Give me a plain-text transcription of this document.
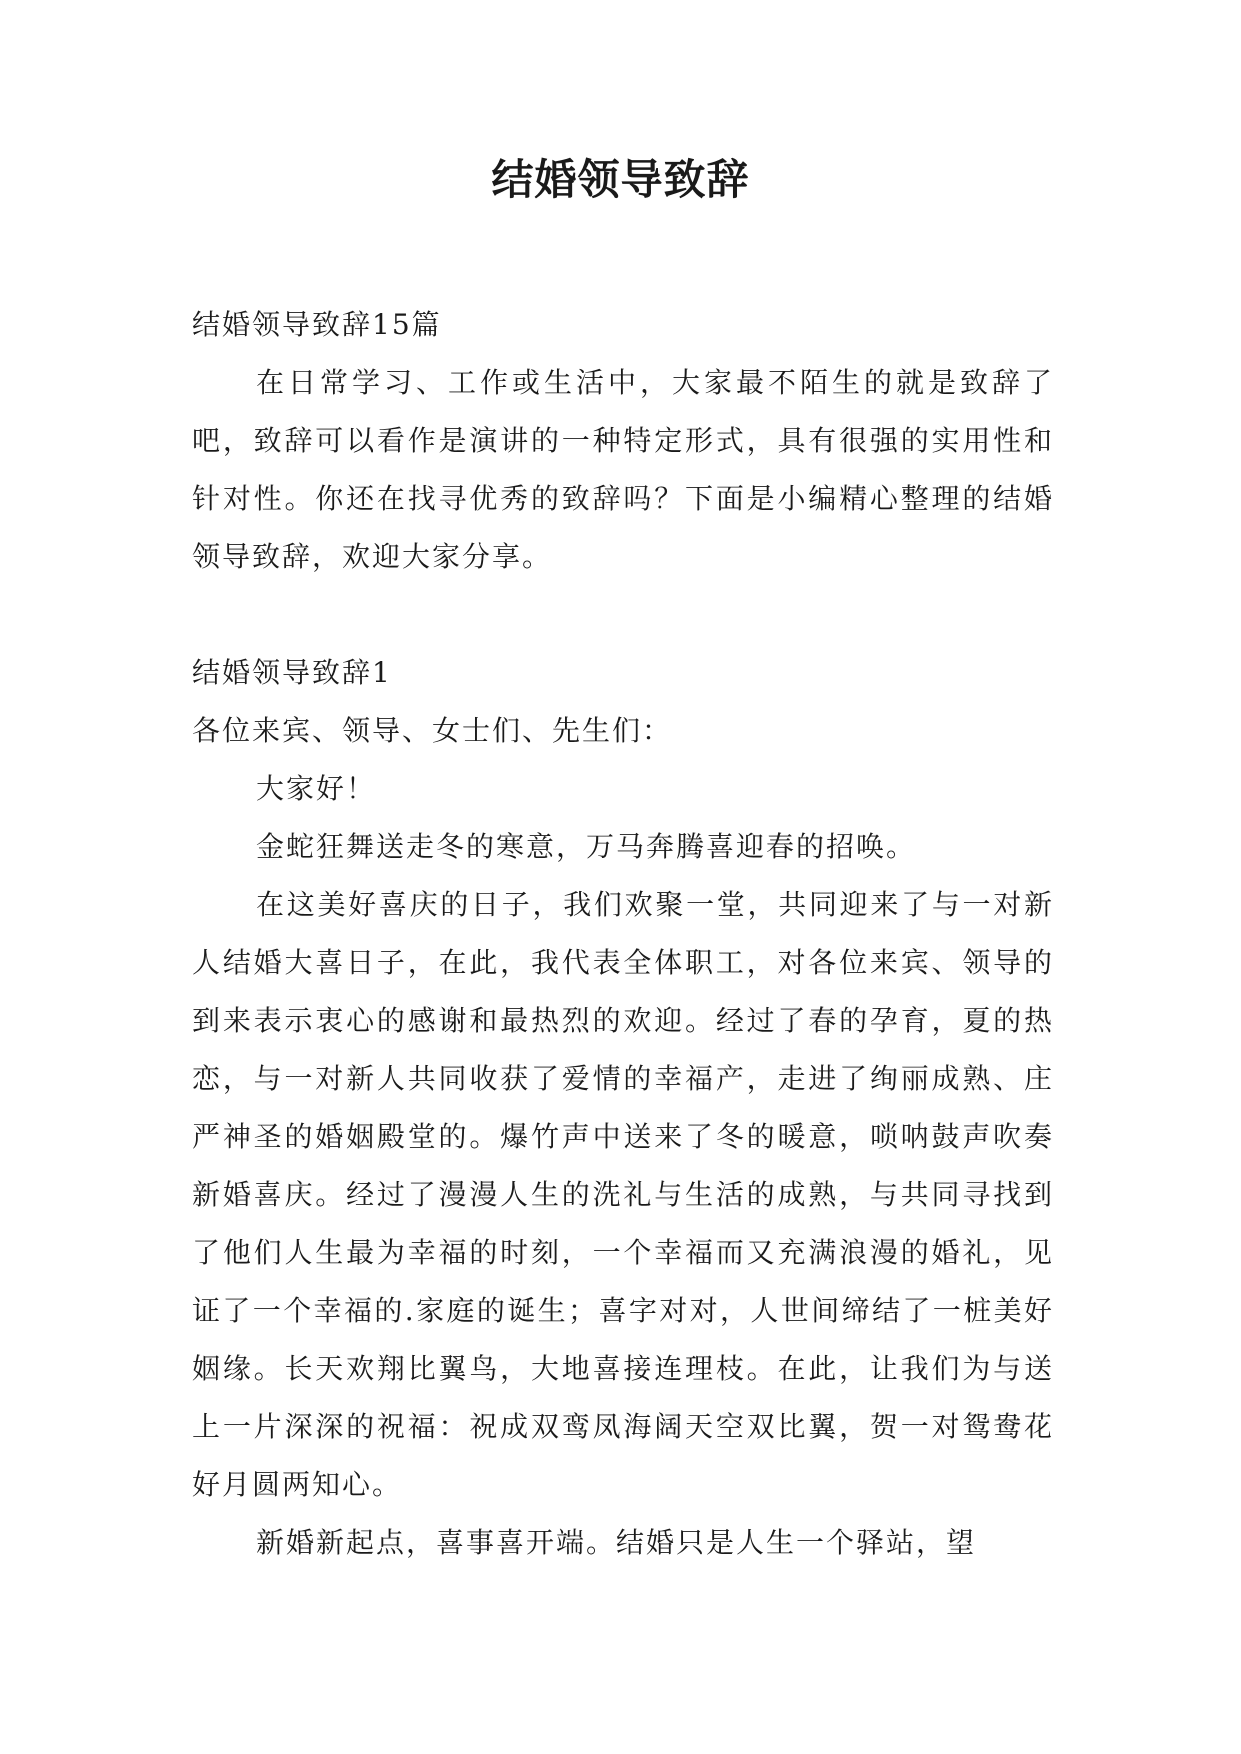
结婚领导致辞

结婚领导致辞15篇

在日常学习、工作或生活中，大家最不陌生的就是致辞了吧，致辞可以看作是演讲的一种特定形式，具有很强的实用性和针对性。你还在找寻优秀的致辞吗？下面是小编精心整理的结婚领导致辞，欢迎大家分享。

结婚领导致辞1

各位来宾、领导、女士们、先生们：

大家好！

金蛇狂舞送走冬的寒意，万马奔腾喜迎春的招唤。

在这美好喜庆的日子，我们欢聚一堂，共同迎来了与一对新人结婚大喜日子，在此，我代表全体职工，对各位来宾、领导的到来表示衷心的感谢和最热烈的欢迎。经过了春的孕育，夏的热恋，与一对新人共同收获了爱情的幸福产，走进了绚丽成熟、庄严神圣的婚姻殿堂的。爆竹声中送来了冬的暖意，唢呐鼓声吹奏新婚喜庆。经过了漫漫人生的洗礼与生活的成熟，与共同寻找到了他们人生最为幸福的时刻，一个幸福而又充满浪漫的婚礼，见证了一个幸福的.家庭的诞生；喜字对对，人世间缔结了一桩美好姻缘。长天欢翔比翼鸟，大地喜接连理枝。在此，让我们为与送上一片深深的祝福：祝成双鸾凤海阔天空双比翼，贺一对鸳鸯花好月圆两知心。

新婚新起点，喜事喜开端。结婚只是人生一个驿站，望
